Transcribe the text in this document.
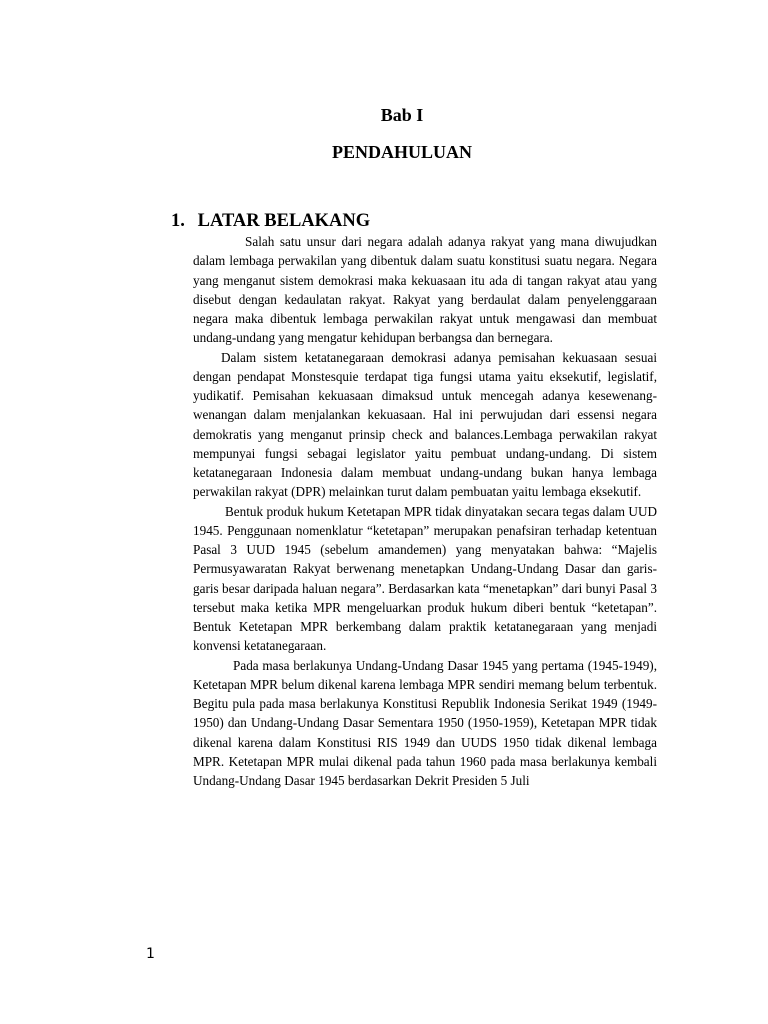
Bab I
PENDAHULUAN
1. LATAR BELAKANG

Salah satu unsur dari negara adalah adanya rakyat yang mana diwujudkan dalam lembaga perwakilan yang dibentuk dalam suatu konstitusi suatu negara. Negara yang menganut sistem demokrasi maka kekuasaan itu ada di tangan rakyat atau yang disebut dengan kedaulatan rakyat. Rakyat yang berdaulat dalam penyelenggaraan negara maka dibentuk lembaga perwakilan rakyat untuk mengawasi dan membuat undang-undang yang mengatur kehidupan berbangsa dan bernegara.

Dalam sistem ketatanegaraan demokrasi adanya pemisahan kekuasaan sesuai dengan pendapat Monstesquie terdapat tiga fungsi utama yaitu eksekutif, legislatif, yudikatif. Pemisahan kekuasaan dimaksud untuk mencegah adanya kesewenang-wenangan dalam menjalankan kekuasaan. Hal ini perwujudan dari essensi negara demokratis yang menganut prinsip check and balances.Lembaga perwakilan rakyat mempunyai fungsi sebagai legislator yaitu pembuat undang-undang. Di sistem ketatanegaraan Indonesia dalam membuat undang-undang bukan hanya lembaga perwakilan rakyat (DPR) melainkan turut dalam pembuatan yaitu lembaga eksekutif.

Bentuk produk hukum Ketetapan MPR tidak dinyatakan secara tegas dalam UUD 1945. Penggunaan nomenklatur “ketetapan” merupakan penafsiran terhadap ketentuan Pasal 3 UUD 1945 (sebelum amandemen) yang menyatakan bahwa: “Majelis Permusyawaratan Rakyat berwenang menetapkan Undang-Undang Dasar dan garis-garis besar daripada haluan negara”. Berdasarkan kata “menetapkan” dari bunyi Pasal 3 tersebut maka ketika MPR mengeluarkan produk hukum diberi bentuk “ketetapan”. Bentuk Ketetapan MPR berkembang dalam praktik ketatanegaraan yang menjadi konvensi ketatanegaraan.

Pada masa berlakunya Undang-Undang Dasar 1945 yang pertama (1945-1949), Ketetapan MPR belum dikenal karena lembaga MPR sendiri memang belum terbentuk. Begitu pula pada masa berlakunya Konstitusi Republik Indonesia Serikat 1949 (1949-1950) dan Undang-Undang Dasar Sementara 1950 (1950-1959), Ketetapan MPR tidak dikenal karena dalam Konstitusi RIS 1949 dan UUDS 1950 tidak dikenal lembaga MPR. Ketetapan MPR mulai dikenal pada tahun 1960 pada masa berlakunya kembali Undang-Undang Dasar 1945 berdasarkan Dekrit Presiden 5 Juli

1
